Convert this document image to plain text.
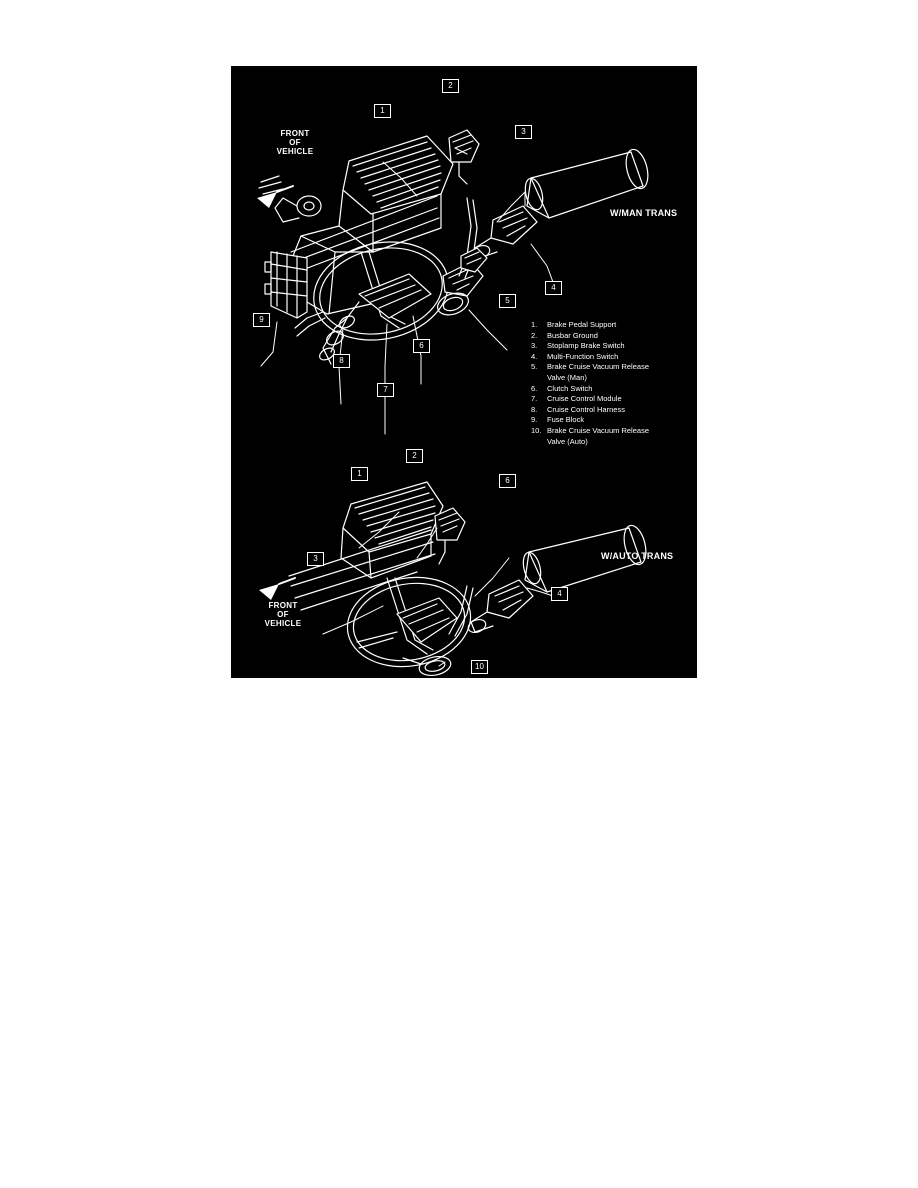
1
2
3
4
5
6
7
8
9
1
2
3
4
6
10
FRONT
OF
VEHICLE
FRONT
OF
VEHICLE
W/MAN TRANS
W/AUTO TRANS
1.	Brake Pedal Support
2.	Busbar Ground
3.	Stoplamp Brake Switch
4.	Multi-Function Switch
5.	Brake Cruise Vacuum Release
Valve (Man)
6.	Clutch Switch
7.	Cruise Control Module
8.	Cruise Control Harness
9.	Fuse Block
10. Brake Cruise Vacuum Release
Valve (Auto)
